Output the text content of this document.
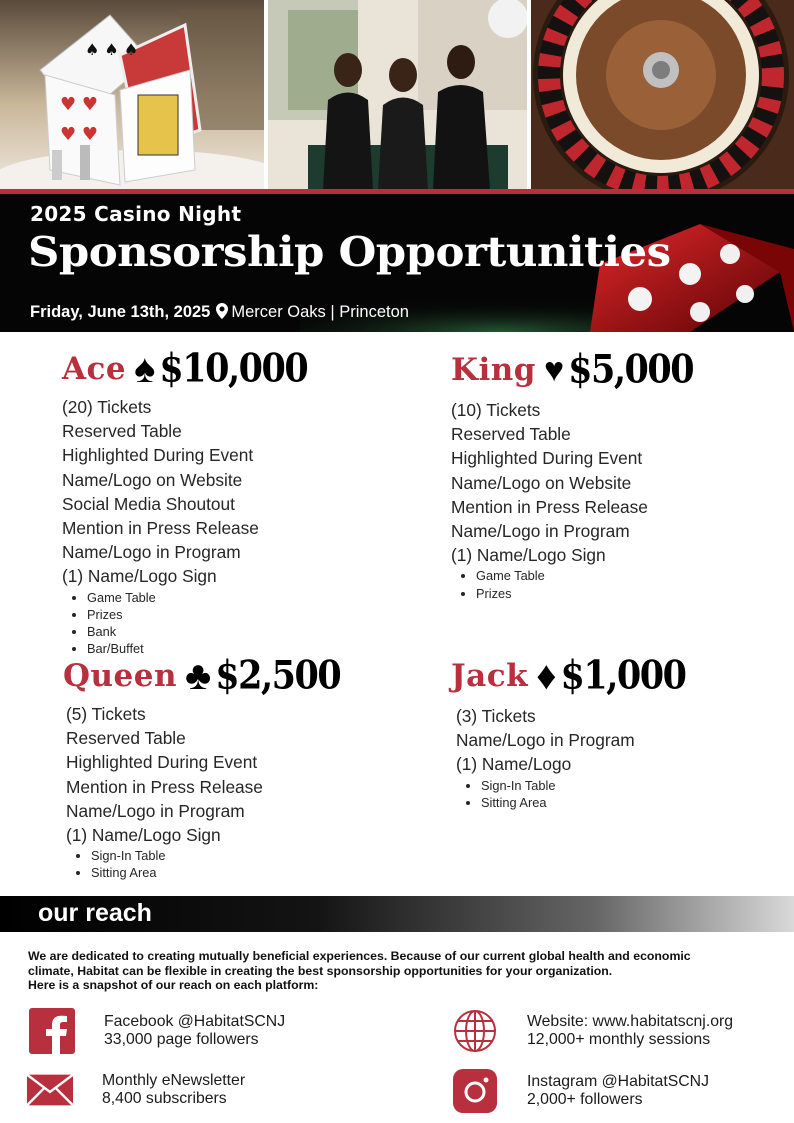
♥ ♥
♥ ♥
♠ ♠ ♠
2025 Casino Night
Sponsorship Opportunities
Friday, June 13th, 2025 Mercer Oaks | Princeton
Ace ♠ $10,000
(20) Tickets
Reserved Table
Highlighted During Event
Name/Logo on Website
Social Media Shoutout
Mention in Press Release
Name/Logo in Program
(1) Name/Logo Sign
• Game Table
• Prizes
• Bank
• Bar/Buffet
King ♥ $5,000
(10) Tickets
Reserved Table
Highlighted During Event
Name/Logo on Website
Mention in Press Release
Name/Logo in Program
(1) Name/Logo Sign
• Game Table
• Prizes
Queen ♣ $2,500
(5) Tickets
Reserved Table
Highlighted During Event
Mention in Press Release
Name/Logo in Program
(1) Name/Logo Sign
• Sign-In Table
• Sitting Area
Jack ♦ $1,000
(3) Tickets
Name/Logo in Program
(1) Name/Logo
• Sign-In Table
• Sitting Area
our reach

We are dedicated to creating mutually beneficial experiences. Because of our current global health and economic

climate, Habitat can be flexible in creating the best sponsorship opportunities for your organization.

Here is a snapshot of our reach on each platform:

Facebook @HabitatSCNJ
33,000 page followers
Website: www.habitatscnj.org
12,000+ monthly sessions
Monthly eNewsletter
8,400 subscribers
Instagram @HabitatSCNJ
2,000+ followers
